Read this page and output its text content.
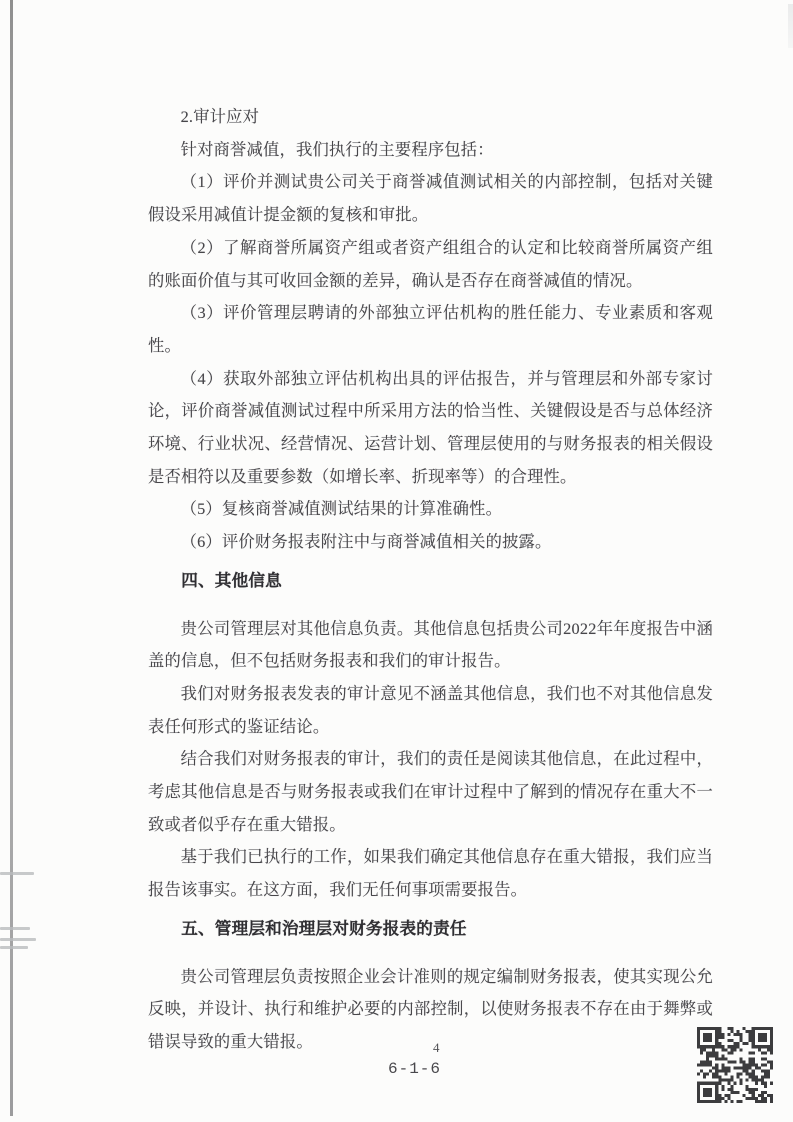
2.审计应对

针对商誉减值，我们执行的主要程序包括：

（1）评价并测试贵公司关于商誉减值测试相关的内部控制，包括对关键假设采用减值计提金额的复核和审批。

（2）了解商誉所属资产组或者资产组组合的认定和比较商誉所属资产组的账面价值与其可收回金额的差异，确认是否存在商誉减值的情况。

（3）评价管理层聘请的外部独立评估机构的胜任能力、专业素质和客观性。

（4）获取外部独立评估机构出具的评估报告，并与管理层和外部专家讨论，评价商誉减值测试过程中所采用方法的恰当性、关键假设是否与总体经济环境、行业状况、经营情况、运营计划、管理层使用的与财务报表的相关假设是否相符以及重要参数（如增长率、折现率等）的合理性。

（5）复核商誉减值测试结果的计算准确性。

（6）评价财务报表附注中与商誉减值相关的披露。

四、其他信息

贵公司管理层对其他信息负责。其他信息包括贵公司2022年年度报告中涵盖的信息，但不包括财务报表和我们的审计报告。

我们对财务报表发表的审计意见不涵盖其他信息，我们也不对其他信息发表任何形式的鉴证结论。

结合我们对财务报表的审计，我们的责任是阅读其他信息，在此过程中，考虑其他信息是否与财务报表或我们在审计过程中了解到的情况存在重大不一致或者似乎存在重大错报。

基于我们已执行的工作，如果我们确定其他信息存在重大错报，我们应当报告该事实。在这方面，我们无任何事项需要报告。

五、管理层和治理层对财务报表的责任

贵公司管理层负责按照企业会计准则的规定编制财务报表，使其实现公允反映，并设计、执行和维护必要的内部控制，以使财务报表不存在由于舞弊或错误导致的重大错报。	4
6-1-6
